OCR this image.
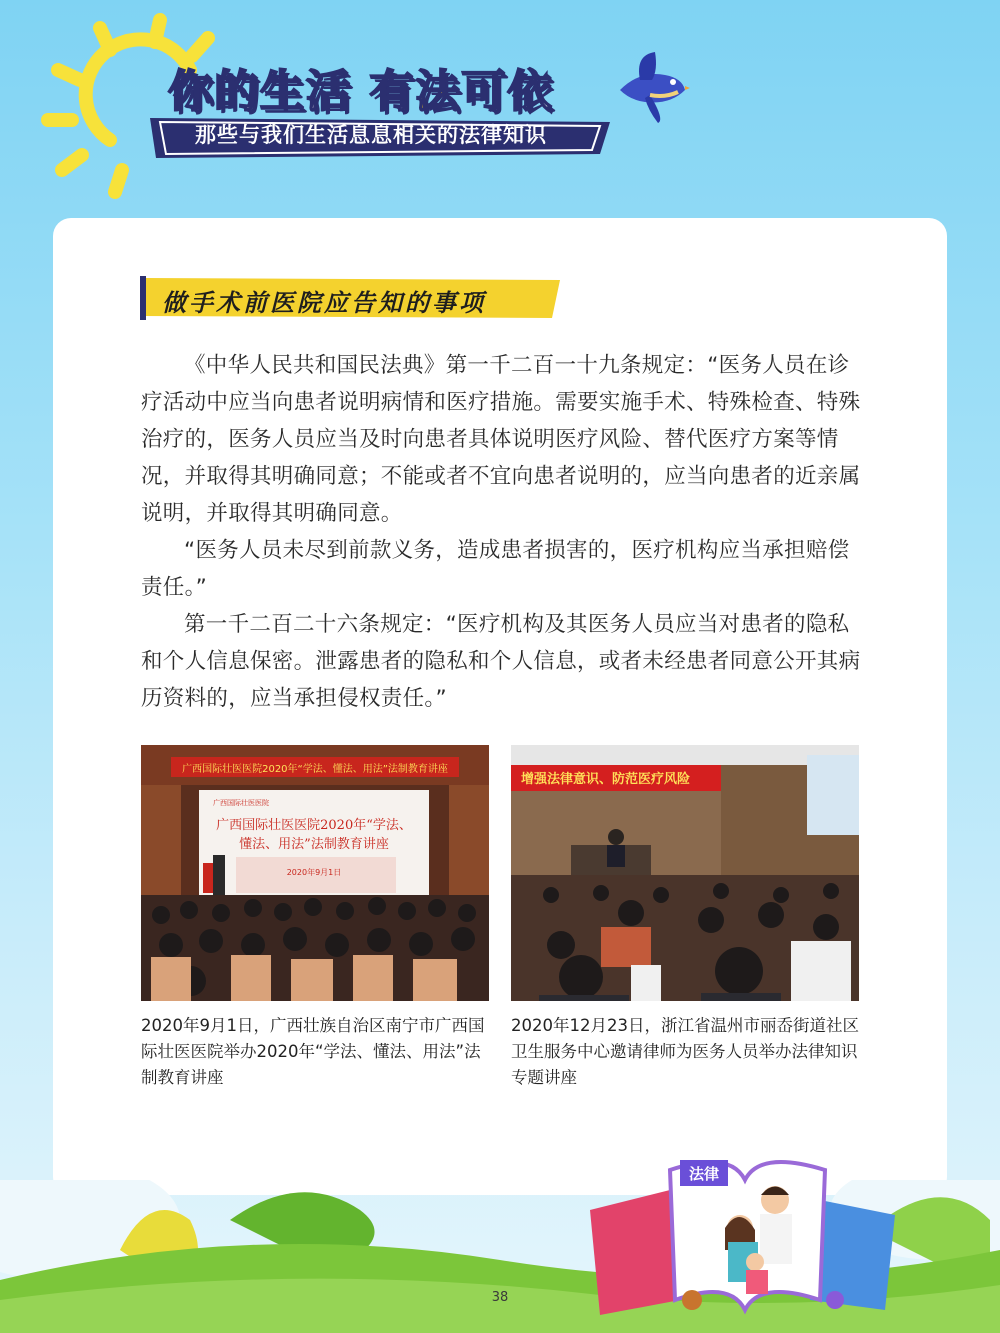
你的生活 有法可依

那些与我们生活息息相关的法律知识

做手术前医院应告知的事项

《中华人民共和国民法典》第一千二百一十九条规定：“医务人员在诊疗活动中应当向患者说明病情和医疗措施。需要实施手术、特殊检查、特殊治疗的，医务人员应当及时向患者具体说明医疗风险、替代医疗方案等情况，并取得其明确同意；不能或者不宜向患者说明的，应当向患者的近亲属说明，并取得其明确同意。

“医务人员未尽到前款义务，造成患者损害的，医疗机构应当承担赔偿责任。”

第一千二百二十六条规定：“医疗机构及其医务人员应当对患者的隐私和个人信息保密。泄露患者的隐私和个人信息，或者未经患者同意公开其病历资料的，应当承担侵权责任。”

广西国际壮医医院2020年“学法、懂法、用法”法制教育讲座
广西国际壮医医院
广西国际壮医医院2020年“学法、
懂法、用法”法制教育讲座
2020年9月1日

2020年9月1日，广西壮族自治区南宁市广西国际壮医医院举办2020年“学法、懂法、用法”法制教育讲座

增强法律意识、防范医疗风险

2020年12月23日，浙江省温州市丽岙街道社区卫生服务中心邀请律师为医务人员举办法律知识专题讲座

法律

38
